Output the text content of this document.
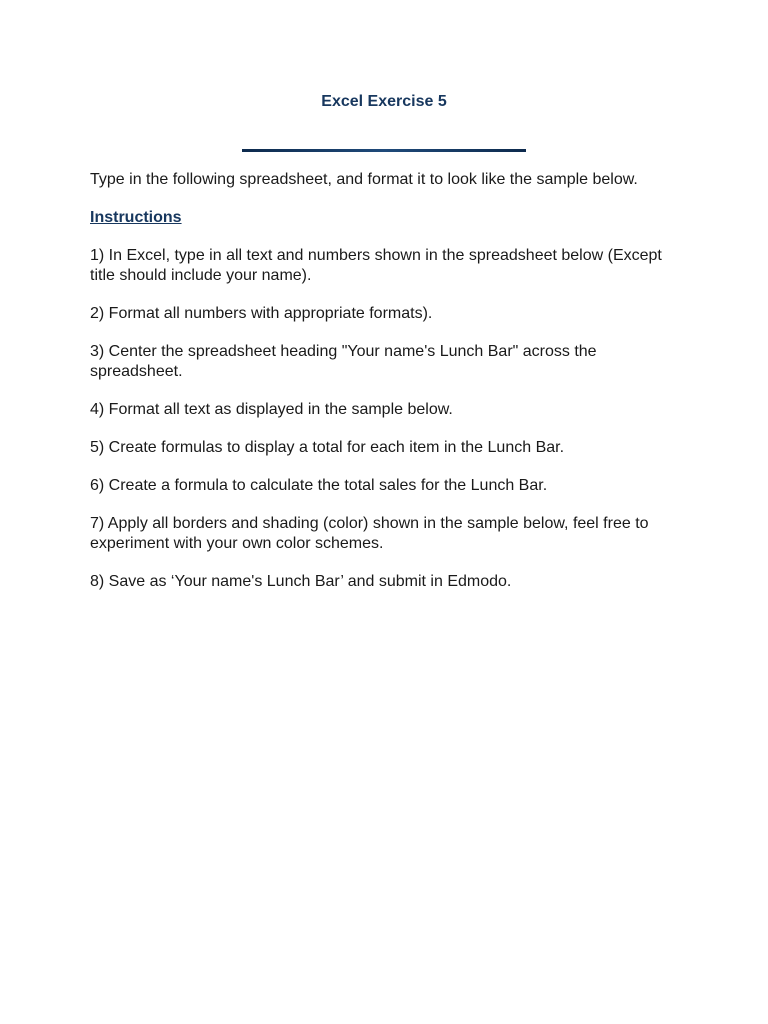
Excel Exercise 5

Type in the following spreadsheet, and format it to look like the sample below.

Instructions

1) In Excel, type in all text and numbers shown in the spreadsheet below (Except title should include your name).

2) Format all numbers with appropriate formats).

3) Center the spreadsheet heading "Your name's Lunch Bar" across the spreadsheet.

4) Format all text as displayed in the sample below.

5) Create formulas to display a total for each item in the Lunch Bar.

6) Create a formula to calculate the total sales for the Lunch Bar.

7) Apply all borders and shading (color) shown in the sample below, feel free to experiment with your own color schemes.

8) Save as ‘Your name's Lunch Bar’ and submit in Edmodo.
